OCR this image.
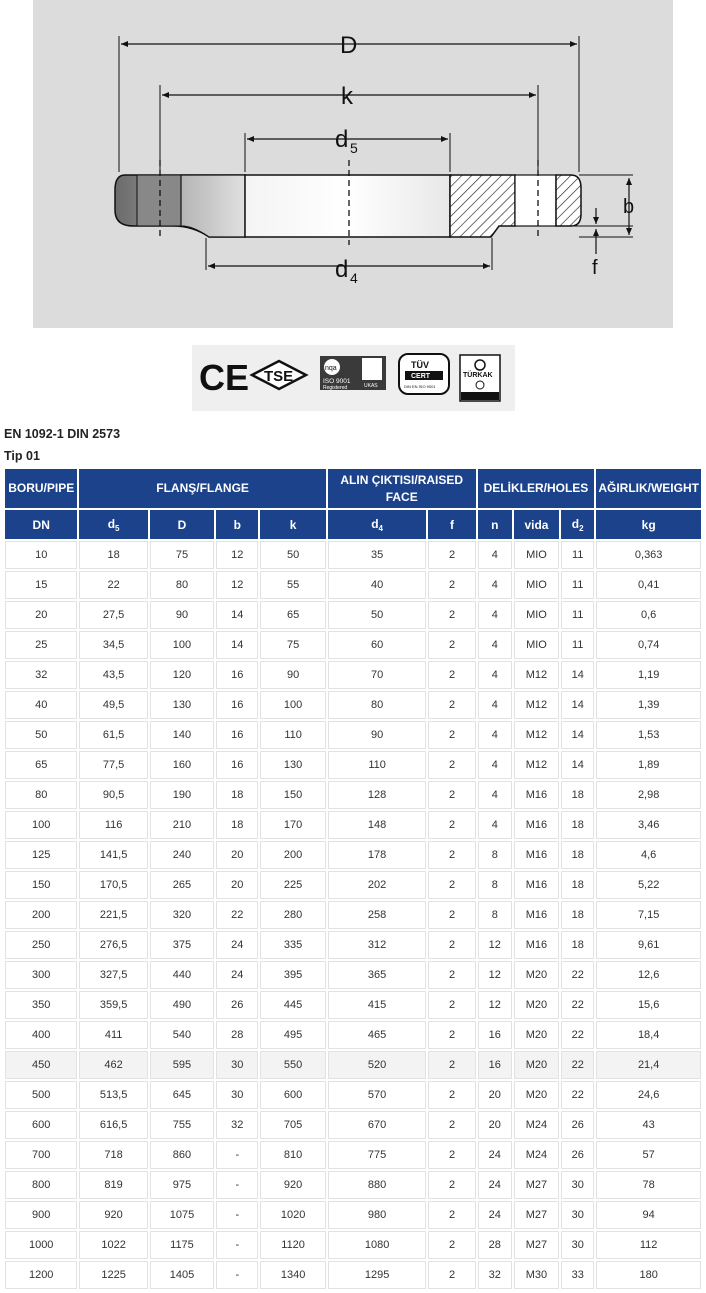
D
k
d 5
d 4
b
f
CE TSE	nqa
UKAS
ISO 9001
Registered
TÜV
CERT
DIN EN ISO 9001
TÜRKAK
EN 1092-1 DIN 2573
Tip 01
BORU/PIPE	FLANŞ/FLANGE				ALIN ÇIKTISI/RAISED FACE		DELİKLER/HOLES			AĞIRLIK/WEIGHT
DN	$d_5$	D	b	k	$d_4$	f	n	vida	$d_2$	kg
10	18	75	12	50	35	2	4	MIO	11	0,363
15	22	80	12	55	40	2	4	MIO	11	0,41
20	27,5	90	14	65	50	2	4	MIO	11	0,6
25	34,5	100	14	75	60	2	4	MIO	11	0,74
32	43,5	120	16	90	70	2	4	M12	14	1,19
40	49,5	130	16	100	80	2	4	M12	14	1,39
50	61,5	140	16	110	90	2	4	M12	14	1,53
65	77,5	160	16	130	110	2	4	M12	14	1,89
80	90,5	190	18	150	128	2	4	M16	18	2,98
100	116	210	18	170	148	2	4	M16	18	3,46
125	141,5	240	20	200	178	2	8	M16	18	4,6
150	170,5	265	20	225	202	2	8	M16	18	5,22
200	221,5	320	22	280	258	2	8	M16	18	7,15
250	276,5	375	24	335	312	2	12	M16	18	9,61
300	327,5	440	24	395	365	2	12	M20	22	12,6
350	359,5	490	26	445	415	2	12	M20	22	15,6
400	411	540	28	495	465	2	16	M20	22	18,4
450	462	595	30	550	520	2	16	M20	22	21,4
500	513,5	645	30	600	570	2	20	M20	22	24,6
600	616,5	755	32	705	670	2	20	M24	26	43
700	718	860	-	810	775	2	24	M24	26	57
800	819	975	-	920	880	2	24	M27	30	78
900	920	1075	-	1020	980	2	24	M27	30	94
1000	1022	1175	-	1120	1080	2	28	M27	30	112
1200	1225	1405	-	1340	1295	2	32	M30	33	180
